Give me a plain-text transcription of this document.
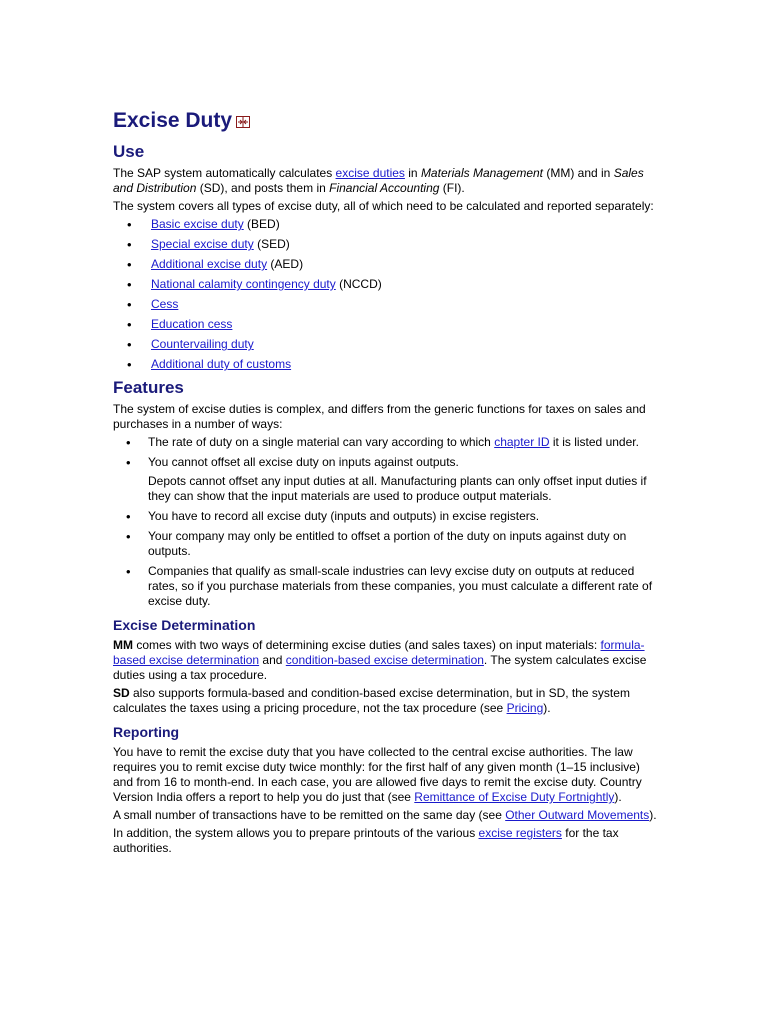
Excise Duty
Use

The SAP system automatically calculates excise duties in Materials Management (MM) and in Sales and Distribution (SD), and posts them in Financial Accounting (FI).

The system covers all types of excise duty, all of which need to be calculated and reported separately:

• Basic excise duty (BED)
• Special excise duty (SED)
• Additional excise duty (AED)
• National calamity contingency duty (NCCD)
• Cess
• Education cess
• Countervailing duty
• Additional duty of customs
Features

The system of excise duties is complex, and differs from the generic functions for taxes on sales and purchases in a number of ways:

• The rate of duty on a single material can vary according to which chapter ID it is listed under.
• You cannot offset all excise duty on inputs against outputs.
Depots cannot offset any input duties at all. Manufacturing plants can only offset input duties if they can show that the input materials are used to produce output materials.
• You have to record all excise duty (inputs and outputs) in excise registers.
• Your company may only be entitled to offset a portion of the duty on inputs against duty on outputs.
• Companies that qualify as small-scale industries can levy excise duty on outputs at reduced rates, so if you purchase materials from these companies, you must calculate a different rate of excise duty.
Excise Determination

MM comes with two ways of determining excise duties (and sales taxes) on input materials: formula-based excise determination and condition-based excise determination. The system calculates excise duties using a tax procedure.

SD also supports formula-based and condition-based excise determination, but in SD, the system calculates the taxes using a pricing procedure, not the tax procedure (see Pricing).

Reporting

You have to remit the excise duty that you have collected to the central excise authorities. The law requires you to remit excise duty twice monthly: for the first half of any given month (1–15 inclusive) and from 16 to month-end. In each case, you are allowed five days to remit the excise duty. Country Version India offers a report to help you do just that (see Remittance of Excise Duty Fortnightly).

A small number of transactions have to be remitted on the same day (see Other Outward Movements).

In addition, the system allows you to prepare printouts of the various excise registers for the tax authorities.
